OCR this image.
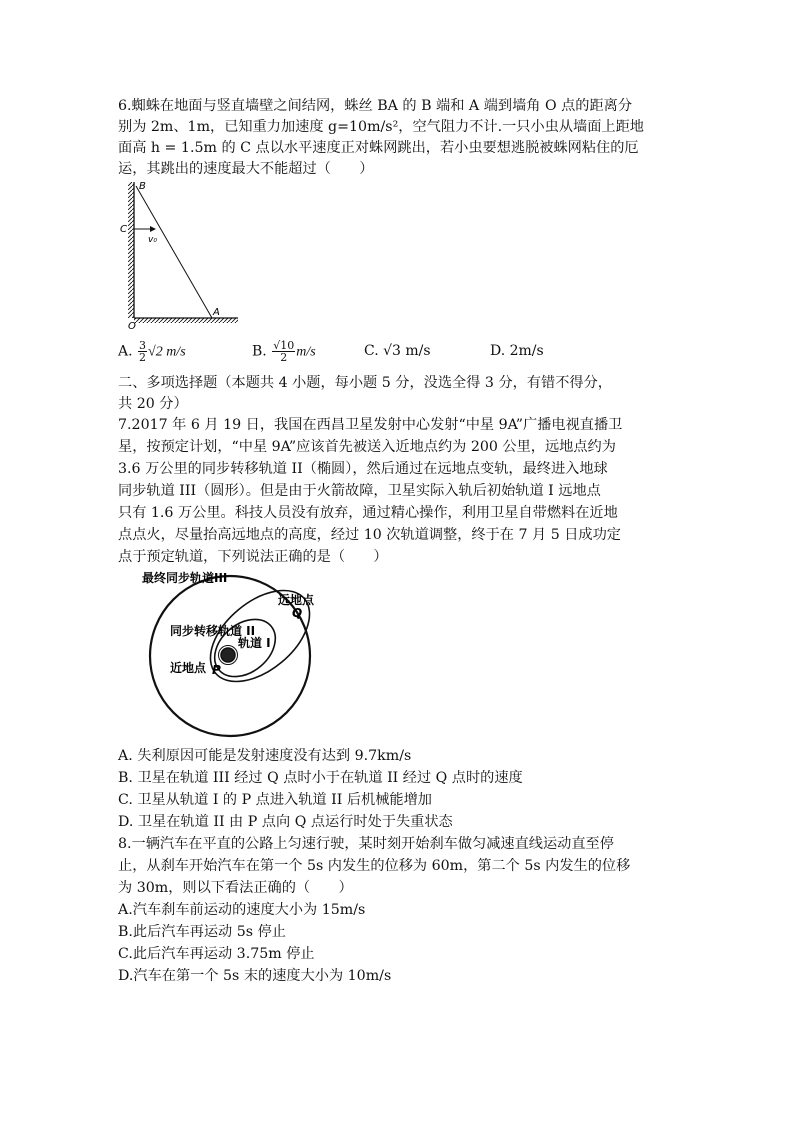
6.蜘蛛在地面与竖直墙壁之间结网，蛛丝 BA 的 B 端和 A 端到墙角 O 点的距离分
别为 2m、1m，已知重力加速度 g=10m/s²，空气阻力不计.一只小虫从墙面上距地
面高 h = 1.5m 的 C 点以水平速度正对蛛网跳出，若小虫要想逃脱被蛛网粘住的厄
运，其跳出的速度最大不能超过（　　）
B
C
v₀
O
A
A. $\frac{3}{2} √2$ m/s	B. $\frac{√10}{2} m/s$	C. √3 m/s	D. 2m/s
二、多项选择题（本题共 4 小题，每小题 5 分，没选全得 3 分，有错不得分，
共 20 分）
7.2017 年 6 月 19 日，我国在西昌卫星发射中心发射“中星 9A”广播电视直播卫
星，按预定计划，“中星 9A”应该首先被送入近地点约为 200 公里，远地点约为
3.6 万公里的同步转移轨道 II（椭圆），然后通过在远地点变轨，最终进入地球
同步轨道 III（圆形）。但是由于火箭故障，卫星实际入轨后初始轨道 I 远地点
只有 1.6 万公里。科技人员没有放弃，通过精心操作，利用卫星自带燃料在近地
点点火，尽量抬高远地点的高度，经过 10 次轨道调整，终于在 7 月 5 日成功定
点于预定轨道，下列说法正确的是（　　）
最终同步轨道III
远地点
Q
同步转移轨道 II
轨道 I
近地点 P
A. 失利原因可能是发射速度没有达到 9.7km/s
B. 卫星在轨道 III 经过 Q 点时小于在轨道 II 经过 Q 点时的速度
C. 卫星从轨道 I 的 P 点进入轨道 II 后机械能增加
D. 卫星在轨道 II 由 P 点向 Q 点运行时处于失重状态
8.一辆汽车在平直的公路上匀速行驶，某时刻开始刹车做匀减速直线运动直至停
止，从刹车开始汽车在第一个 5s 内发生的位移为 60m，第二个 5s 内发生的位移
为 30m，则以下看法正确的（　　）
A.汽车刹车前运动的速度大小为 15m/s
B.此后汽车再运动 5s 停止
C.此后汽车再运动 3.75m 停止
D.汽车在第一个 5s 末的速度大小为 10m/s
